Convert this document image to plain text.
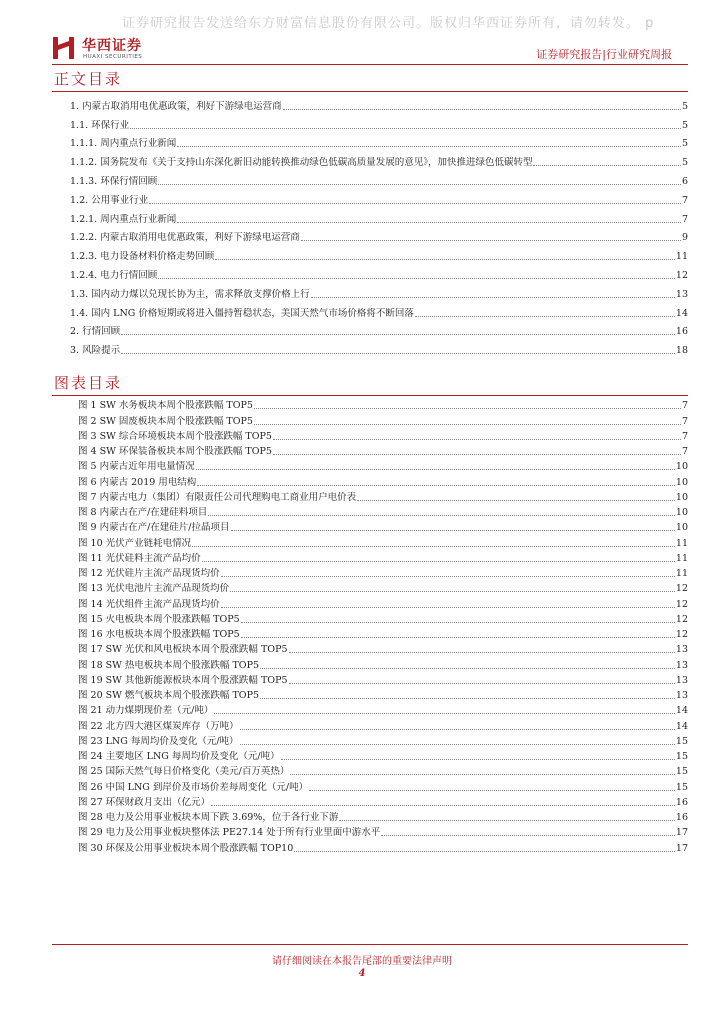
证券研究报告发送给东方财富信息股份有限公司。版权归华西证券所有，请勿转发。 p
华西证券
HUAXI SECURITIES	证券研究报告|行业研究周报
正文目录
1. 内蒙古取消用电优惠政策，利好下游绿电运营商	5
1.1. 环保行业	5
1.1.1. 周内重点行业新闻	5
1.1.2. 国务院发布《关于支持山东深化新旧动能转换推动绿色低碳高质量发展的意见》，加快推进绿色低碳转型	5
1.1.3. 环保行情回顾	6
1.2. 公用事业行业	7
1.2.1. 周内重点行业新闻	7
1.2.2. 内蒙古取消用电优惠政策，利好下游绿电运营商	9
1.2.3. 电力设备材料价格走势回顾	11
1.2.4. 电力行情回顾	12
1.3. 国内动力煤以兑现长协为主，需求释放支撑价格上行	13
1.4. 国内 LNG 价格短期或将进入僵持暂稳状态，美国天然气市场价格将不断回落	14
2. 行情回顾	16
3. 风险提示	18
图表目录
图 1 SW 水务板块本周个股涨跌幅 TOP5	7
图 2 SW 固废板块本周个股涨跌幅 TOP5	7
图 3 SW 综合环境板块本周个股涨跌幅 TOP5	7
图 4 SW 环保装备板块本周个股涨跌幅 TOP5	7
图 5 内蒙古近年用电量情况	10
图 6 内蒙古 2019 用电结构	10
图 7 内蒙古电力（集团）有限责任公司代理购电工商业用户电价表	10
图 8 内蒙古在产/在建硅料项目	10
图 9 内蒙古在产/在建硅片/拉晶项目	10
图 10 光伏产业链耗电情况	11
图 11 光伏硅料主流产品均价	11
图 12 光伏硅片主流产品现货均价	11
图 13 光伏电池片主流产品现货均价	12
图 14 光伏组件主流产品现货均价	12
图 15 火电板块本周个股涨跌幅 TOP5	12
图 16 水电板块本周个股涨跌幅 TOP5	12
图 17 SW 光伏和风电板块本周个股涨跌幅 TOP5	13
图 18 SW 热电板块本周个股涨跌幅 TOP5	13
图 19 SW 其他新能源板块本周个股涨跌幅 TOP5	13
图 20 SW 燃气板块本周个股涨跌幅 TOP5	13
图 21 动力煤期现价差（元/吨）	14
图 22 北方四大港区煤炭库存（万吨）	14
图 23 LNG 每周均价及变化（元/吨）	15
图 24 主要地区 LNG 每周均价及变化（元/吨）	15
图 25 国际天然气每日价格变化（美元/百万英热）	15
图 26 中国 LNG 到岸价及市场价差每周变化（元/吨）	15
图 27 环保财政月支出（亿元）	16
图 28 电力及公用事业板块本周下跌 3.69%，位于各行业下游	16
图 29 电力及公用事业板块整体法 PE27.14 处于所有行业里面中游水平	17
图 30 环保及公用事业板块本周个股涨跌幅 TOP10	17
请仔细阅读在本报告尾部的重要法律声明
4
